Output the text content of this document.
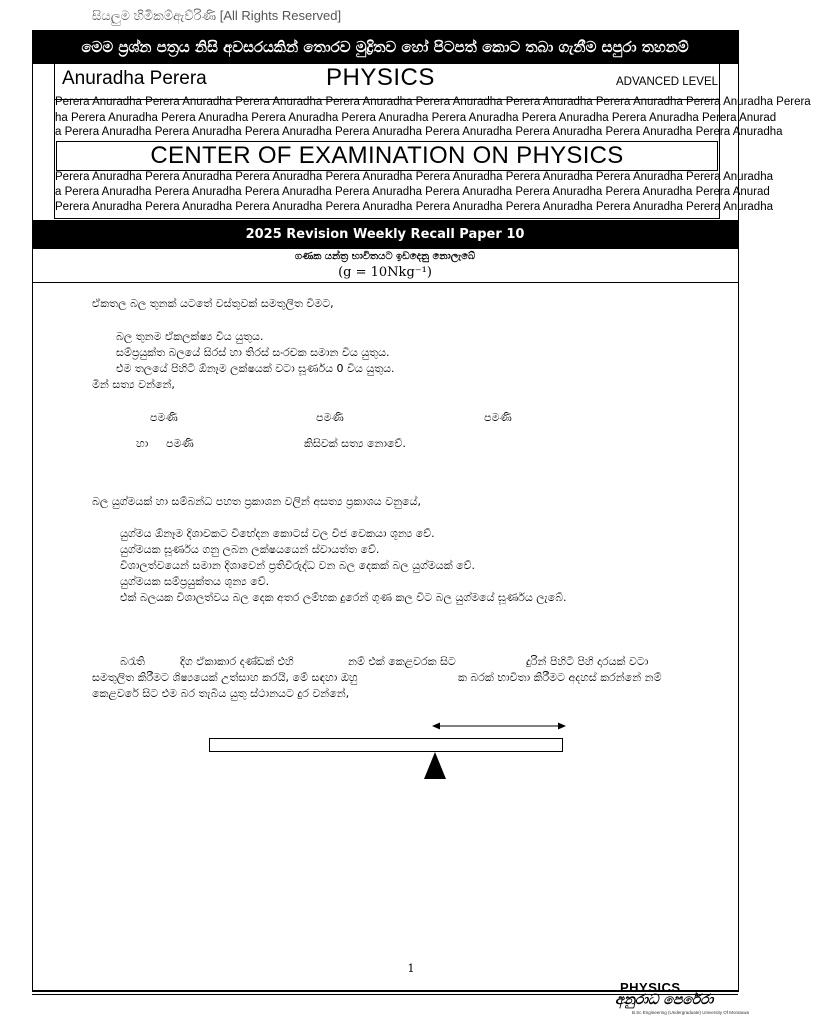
සියලුම හිමිකම්ඇව්රිණි [All Rights Reserved]
මෙම ප්‍රශ්න පත්‍රය නිසි අවසරයකින් තොරව මුද්‍රිතව හෝ පිටපත් කොට තබා ගැනීම සපුරා තහනම්
Anuradha Perera	PHYSICS	ADVANCED LEVEL
Perera Anuradha Perera Anuradha Perera Anuradha Perera Anuradha Perera Anuradha Perera Anuradha Perera Anuradha Perera Anuradha Perera
ha Perera Anuradha Perera Anuradha Perera Anuradha Perera Anuradha Perera Anuradha Perera Anuradha Perera Anuradha Perera Anurad
a Perera Anuradha Perera Anuradha Perera Anuradha Perera Anuradha Perera Anuradha Perera Anuradha Perera Anuradha Perera Anuradha
CENTER OF EXAMINATION ON PHYSICS
Perera Anuradha Perera Anuradha Perera Anuradha Perera Anuradha Perera Anuradha Perera Anuradha Perera Anuradha Perera Anuradha
a Perera Anuradha Perera Anuradha Perera Anuradha Perera Anuradha Perera Anuradha Perera Anuradha Perera Anuradha Perera Anurad
Perera Anuradha Perera Anuradha Perera Anuradha Perera Anuradha Perera Anuradha Perera Anuradha Perera Anuradha Perera Anuradha
2025 Revision Weekly Recall Paper 10
ගණක යන්ත්‍ර භාවිතයට ඉඩදෙනු නොලැබේ
(g = 10Nkg⁻¹)
ඒකතල බල තුනක් යටතේ වස්තුවක් සමතුලිත වීමට,
බල තුනම ඒකලක්ෂ්‍ය විය යුතුය.
සම්ප්‍රයුක්ත බලයේ සිරස් හා තිරස් සංරචක සමාන විය යුතුය.
එම තලයේ පිහිටි ඕනෑම ලක්ෂයක් වටා ඝූර්ණය 0 විය යුතුය.
මින් සත්‍ය වන්නේ,
පමණි	පමණි	පමණි
හා පමණි	කිසිවක් සත්‍ය නොවේ.
බල යුග්මයක් හා සම්බන්ධ පහත ප්‍රකාශන වලින් අසත්‍ය ප්‍රකාශය වනුයේ,
යුග්මය ඕනෑම දිශාවකට විභේදන කොටස් වල විජ වෙකයා ශූන්‍ය වේ.
යුග්මයක ඝූර්ණය ගනු ලබන ලක්ෂයයෙන් ස්වායත්ත වේ.
විශාලත්වයෙන් සමාන දිශාවෙන් ප්‍රතිවිරුද්ධ වන බල දෙකක් බල යුග්මයක් වේ.
යුග්මයක සම්ප්‍රයුක්තය ශූන්‍ය වේ.
එක් බලයක විශාලත්වය බල දෙක අතර ලම්භක දුරෙන් ගුණ කල විට බල යුග්මයේ ඝූර්ණය ලැබේ.
බරැති	දිග ඒකාකාර දණ්ඩක් එහි	නම් එක් කෙළවරක සිට	දුරින් පිහිටි පිහි දාරයක් වටා
සමතුලිත කිරීමට ශිෂ්‍යයෙක් උත්සාහ කරයි, මේ සඳහා ඔහු	ක බරක් භාවිතා කිරීමට අදහස් කරන්නේ නම්
කෙළවරේ සිට එම බර තැබිය යුතු ස්ථානයට දුර වන්නේ,
1
PHYSICS
අනුරාධ පෙරේරා
B.Sc Engineering (Undergraduate) University Of Moratuwa
